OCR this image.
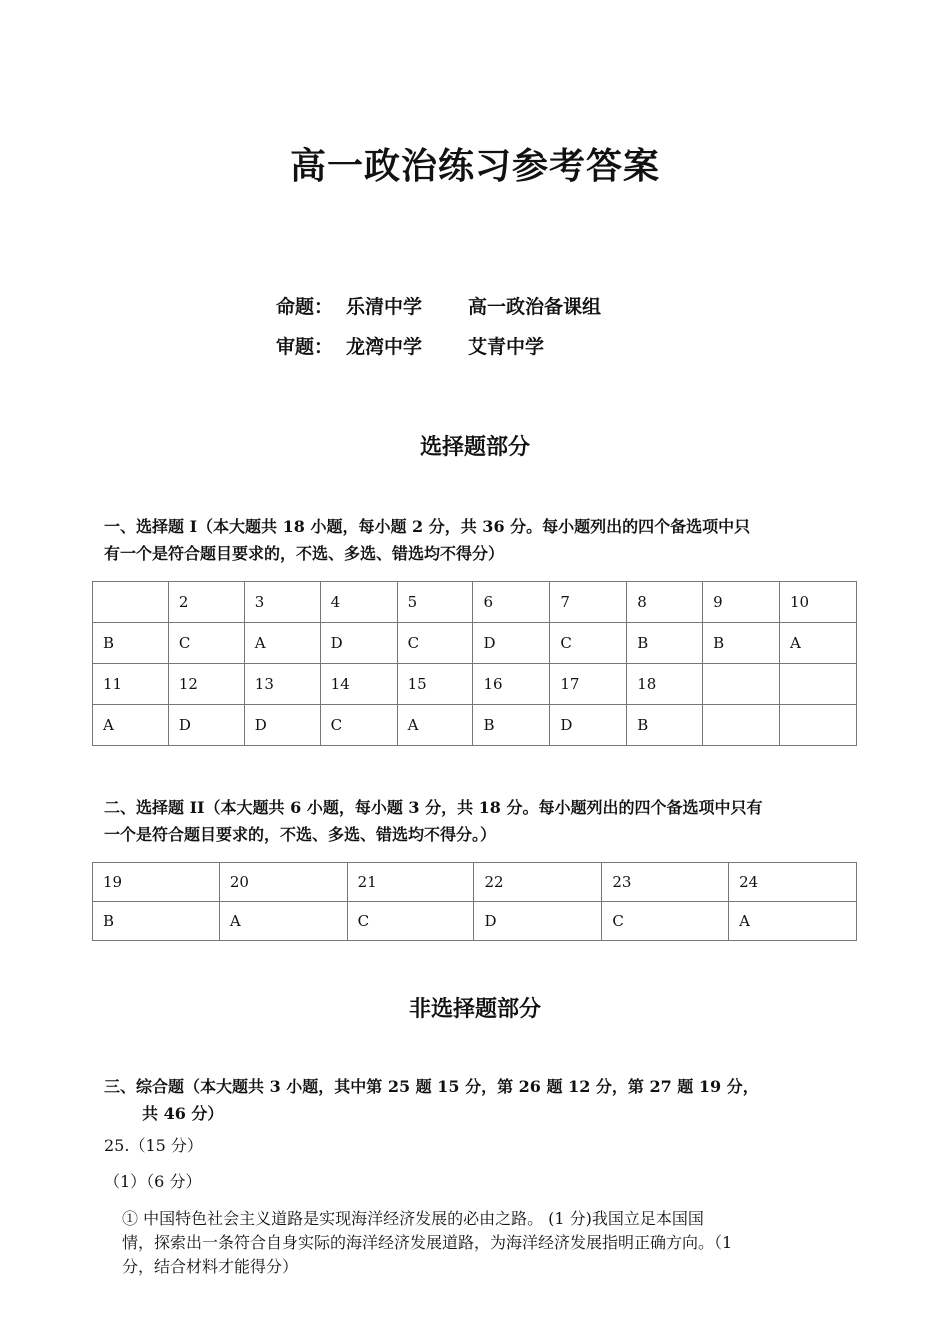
高一政治练习参考答案
命题： 乐清中学 高一政治备课组
审题： 龙湾中学 艾青中学
选择题部分
一、选择题 I（本大题共 18 小题，每小题 2 分，共 36 分。每小题列出的四个备选项中只
有一个是符合题目要求的，不选、多选、错选均不得分）
	2	3	4	5	6	7	8	9	10
B	C	A	D	C	D	C	B	B	A
11	12	13	14	15	16	17	18		
A	D	D	C	A	B	D	B		
二、选择题 II（本大题共 6 小题，每小题 3 分，共 18 分。每小题列出的四个备选项中只有
一个是符合题目要求的，不选、多选、错选均不得分。）
19	20	21	22	23	24
B	A	C	D	C	A
非选择题部分
三、综合题（本大题共 3 小题，其中第 25 题 15 分，第 26 题 12 分，第 27 题 19 分，
共 46 分）
25.（15 分）
（1）（6 分）
① 中国特色社会主义道路是实现海洋经济发展的必由之路。 (1 分)我国立足本国国
情，探索出一条符合自身实际的海洋经济发展道路，为海洋经济发展指明正确方向。（1
分，结合材料才能得分）
